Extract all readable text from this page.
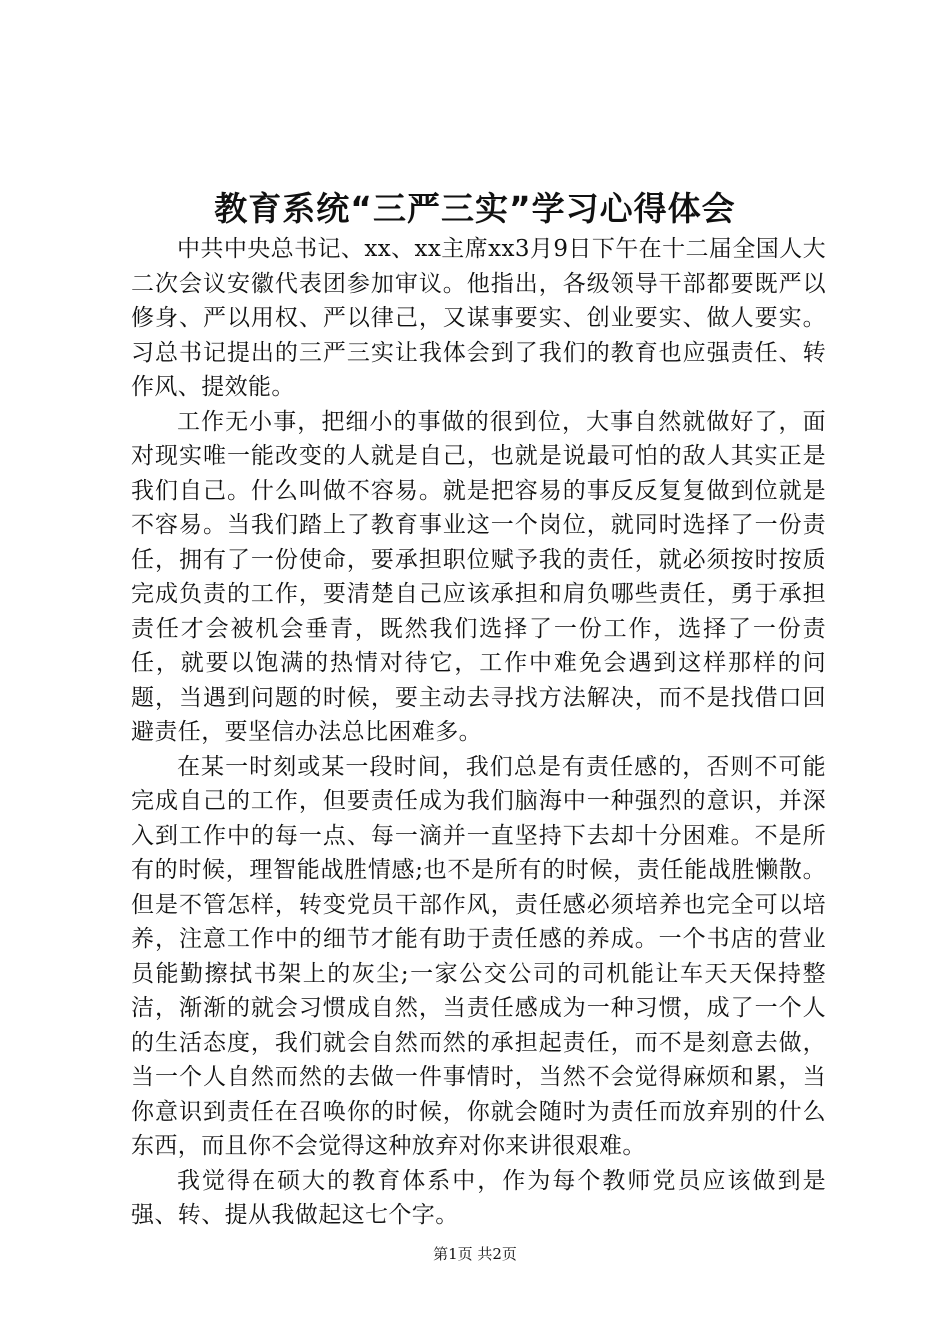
教育系统“三严三实”学习心得体会

中共中央总书记、xx、xx主席xx3月9日下午在十二届全国人大二次会议安徽代表团参加审议。他指出，各级领导干部都要既严以修身、严以用权、严以律己，又谋事要实、创业要实、做人要实。习总书记提出的三严三实让我体会到了我们的教育也应强责任、转作风、提效能。

工作无小事，把细小的事做的很到位，大事自然就做好了，面对现实唯一能改变的人就是自己，也就是说最可怕的敌人其实正是我们自己。什么叫做不容易。就是把容易的事反反复复做到位就是不容易。当我们踏上了教育事业这一个岗位，就同时选择了一份责任，拥有了一份使命，要承担职位赋予我的责任，就必须按时按质完成负责的工作，要清楚自己应该承担和肩负哪些责任，勇于承担责任才会被机会垂青，既然我们选择了一份工作，选择了一份责任，就要以饱满的热情对待它，工作中难免会遇到这样那样的问题，当遇到问题的时候，要主动去寻找方法解决，而不是找借口回避责任，要坚信办法总比困难多。

在某一时刻或某一段时间，我们总是有责任感的，否则不可能完成自己的工作，但要责任成为我们脑海中一种强烈的意识，并深入到工作中的每一点、每一滴并一直坚持下去却十分困难。不是所有的时候，理智能战胜情感;也不是所有的时候，责任能战胜懒散。但是不管怎样，转变党员干部作风，责任感必须培养也完全可以培养，注意工作中的细节才能有助于责任感的养成。一个书店的营业员能勤擦拭书架上的灰尘;一家公交公司的司机能让车天天保持整洁，渐渐的就会习惯成自然，当责任感成为一种习惯，成了一个人的生活态度，我们就会自然而然的承担起责任，而不是刻意去做，当一个人自然而然的去做一件事情时，当然不会觉得麻烦和累，当你意识到责任在召唤你的时候，你就会随时为责任而放弃别的什么东西，而且你不会觉得这种放弃对你来讲很艰难。

我觉得在硕大的教育体系中，作为每个教师党员应该做到是强、转、提从我做起这七个字。

第1页 共2页
